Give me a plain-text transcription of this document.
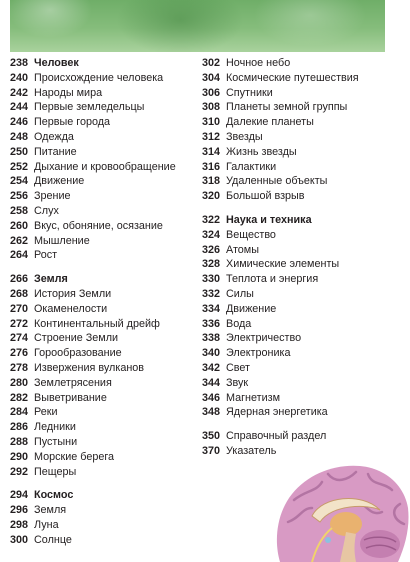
238 Человек
240 Происхождение человека
242 Народы мира
244 Первые земледельцы
246 Первые города
248 Одежда
250 Питание
252 Дыхание и кровообращение
254 Движение
256 Зрение
258 Слух
260 Вкус, обоняние, осязание
262 Мышление
264 Рост
266 Земля
268 История Земли
270 Окаменелости
272 Континентальный дрейф
274 Строение Земли
276 Горообразование
278 Извержения вулканов
280 Землетрясения
282 Выветривание
284 Реки
286 Ледники
288 Пустыни
290 Морские берега
292 Пещеры
294 Космос
296 Земля
298 Луна
300 Солнце
302 Ночное небо
304 Космические путешествия
306 Спутники
308 Планеты земной группы
310 Далекие планеты
312 Звезды
314 Жизнь звезды
316 Галактики
318 Удаленные объекты
320 Большой взрыв
322 Наука и техника
324 Вещество
326 Атомы
328 Химические элементы
330 Теплота и энергия
332 Силы
334 Движение
336 Вода
338 Электричество
340 Электроника
342 Свет
344 Звук
346 Магнетизм
348 Ядерная энергетика
350 Справочный раздел
370 Указатель
